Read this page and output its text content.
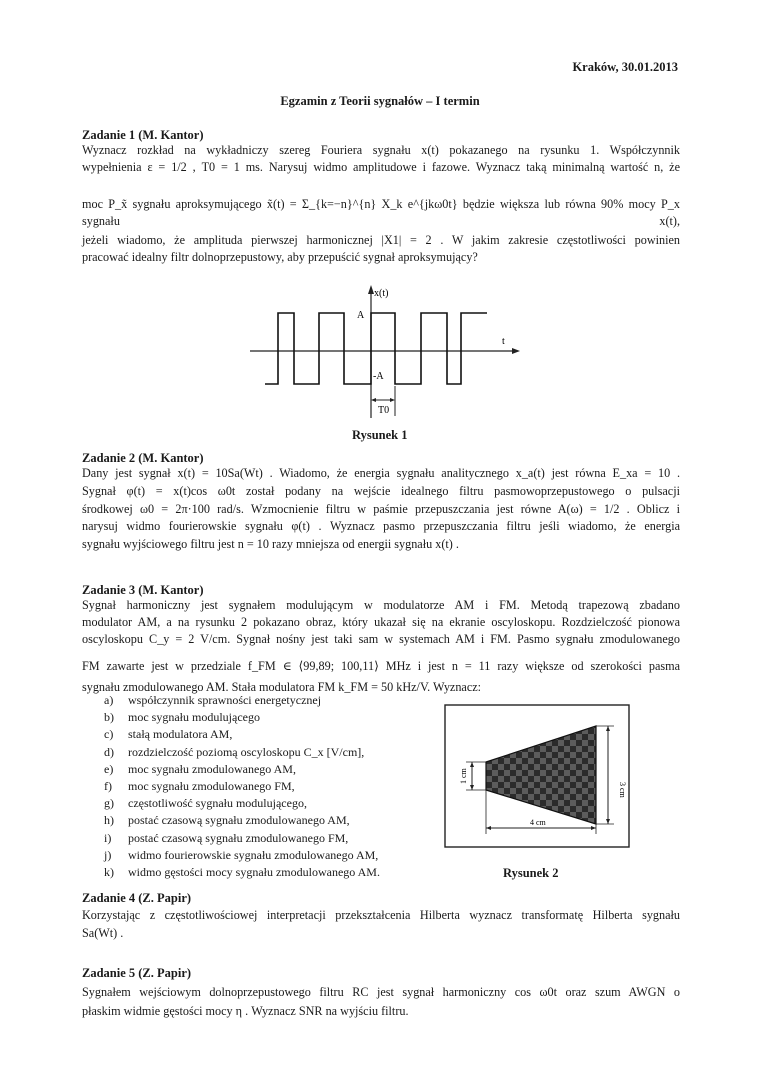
Kraków, 30.01.2013
Egzamin z Teorii sygnałów – I termin
Zadanie 1 (M. Kantor)
Wyznacz rozkład na wykładniczy szereg Fouriera sygnału x(t) pokazanego na rysunku 1. Współczynnik
wypełnienia ε = 1/2 , T0 = 1 ms. Narysuj widmo amplitudowe i fazowe. Wyznacz taką minimalną wartość n, że
moc P_x̃ sygnału aproksymującego x̃(t) = Σ_{k=−n}^{n} X_k e^{jkω0t} będzie większa lub równa 90% mocy P_x sygnału x(t),
jeżeli wiadomo, że amplituda pierwszej harmonicznej |X1| = 2 . W jakim zakresie częstotliwości powinien
pracować idealny filtr dolnoprzepustowy, aby przepuścić sygnał aproksymujący?
x(t)
t
A
-A
T0
Rysunek 1
Zadanie 2 (M. Kantor)
Dany jest sygnał x(t) = 10Sa(Wt) . Wiadomo, że energia sygnału analitycznego x_a(t) jest równa E_xa = 10 .
Sygnał φ(t) = x(t)cos ω0t został podany na wejście idealnego filtru pasmowoprzepustowego o pulsacji
środkowej ω0 = 2π·100 rad/s. Wzmocnienie filtru w paśmie przepuszczania jest równe A(ω) = 1/2 . Oblicz i
narysuj widmo fourierowskie sygnału φ(t) . Wyznacz pasmo przepuszczania filtru jeśli wiadomo, że energia
sygnału wyjściowego filtru jest n = 10 razy mniejsza od energii sygnału x(t) .
Zadanie 3 (M. Kantor)
Sygnał harmoniczny jest sygnałem modulującym w modulatorze AM i FM. Metodą trapezową zbadano
modulator AM, a na rysunku 2 pokazano obraz, który ukazał się na ekranie oscyloskopu. Rozdzielczość pionowa
oscyloskopu C_y = 2 V/cm. Sygnał nośny jest taki sam w systemach AM i FM. Pasmo sygnału zmodulowanego
FM zawarte jest w przedziale f_FM ∈ ⟨99,89; 100,11⟩ MHz i jest n = 11 razy większe od szerokości pasma
sygnału zmodulowanego AM. Stała modulatora FM k_FM = 50 kHz/V. Wyznacz:
a) współczynnik sprawności energetycznej
b) moc sygnału modulującego
c) stałą modulatora AM,
d) rozdzielczość poziomą oscyloskopu C_x [V/cm],
e) moc sygnału zmodulowanego AM,
f) moc sygnału zmodulowanego FM,
g) częstotliwość sygnału modulującego,
h) postać czasową sygnału zmodulowanego AM,
i) postać czasową sygnału zmodulowanego FM,
j) widmo fourierowskie sygnału zmodulowanego AM,
k) widmo gęstości mocy sygnału zmodulowanego AM.
1 cm
3 cm
4 cm
Rysunek 2
Zadanie 4 (Z. Papir)
Korzystając z częstotliwościowej interpretacji przekształcenia Hilberta wyznacz transformatę Hilberta sygnału
Sa(Wt) .
Zadanie 5 (Z. Papir)
Sygnałem wejściowym dolnoprzepustowego filtru RC jest sygnał harmoniczny cos ω0t oraz szum AWGN o
płaskim widmie gęstości mocy η . Wyznacz SNR na wyjściu filtru.
